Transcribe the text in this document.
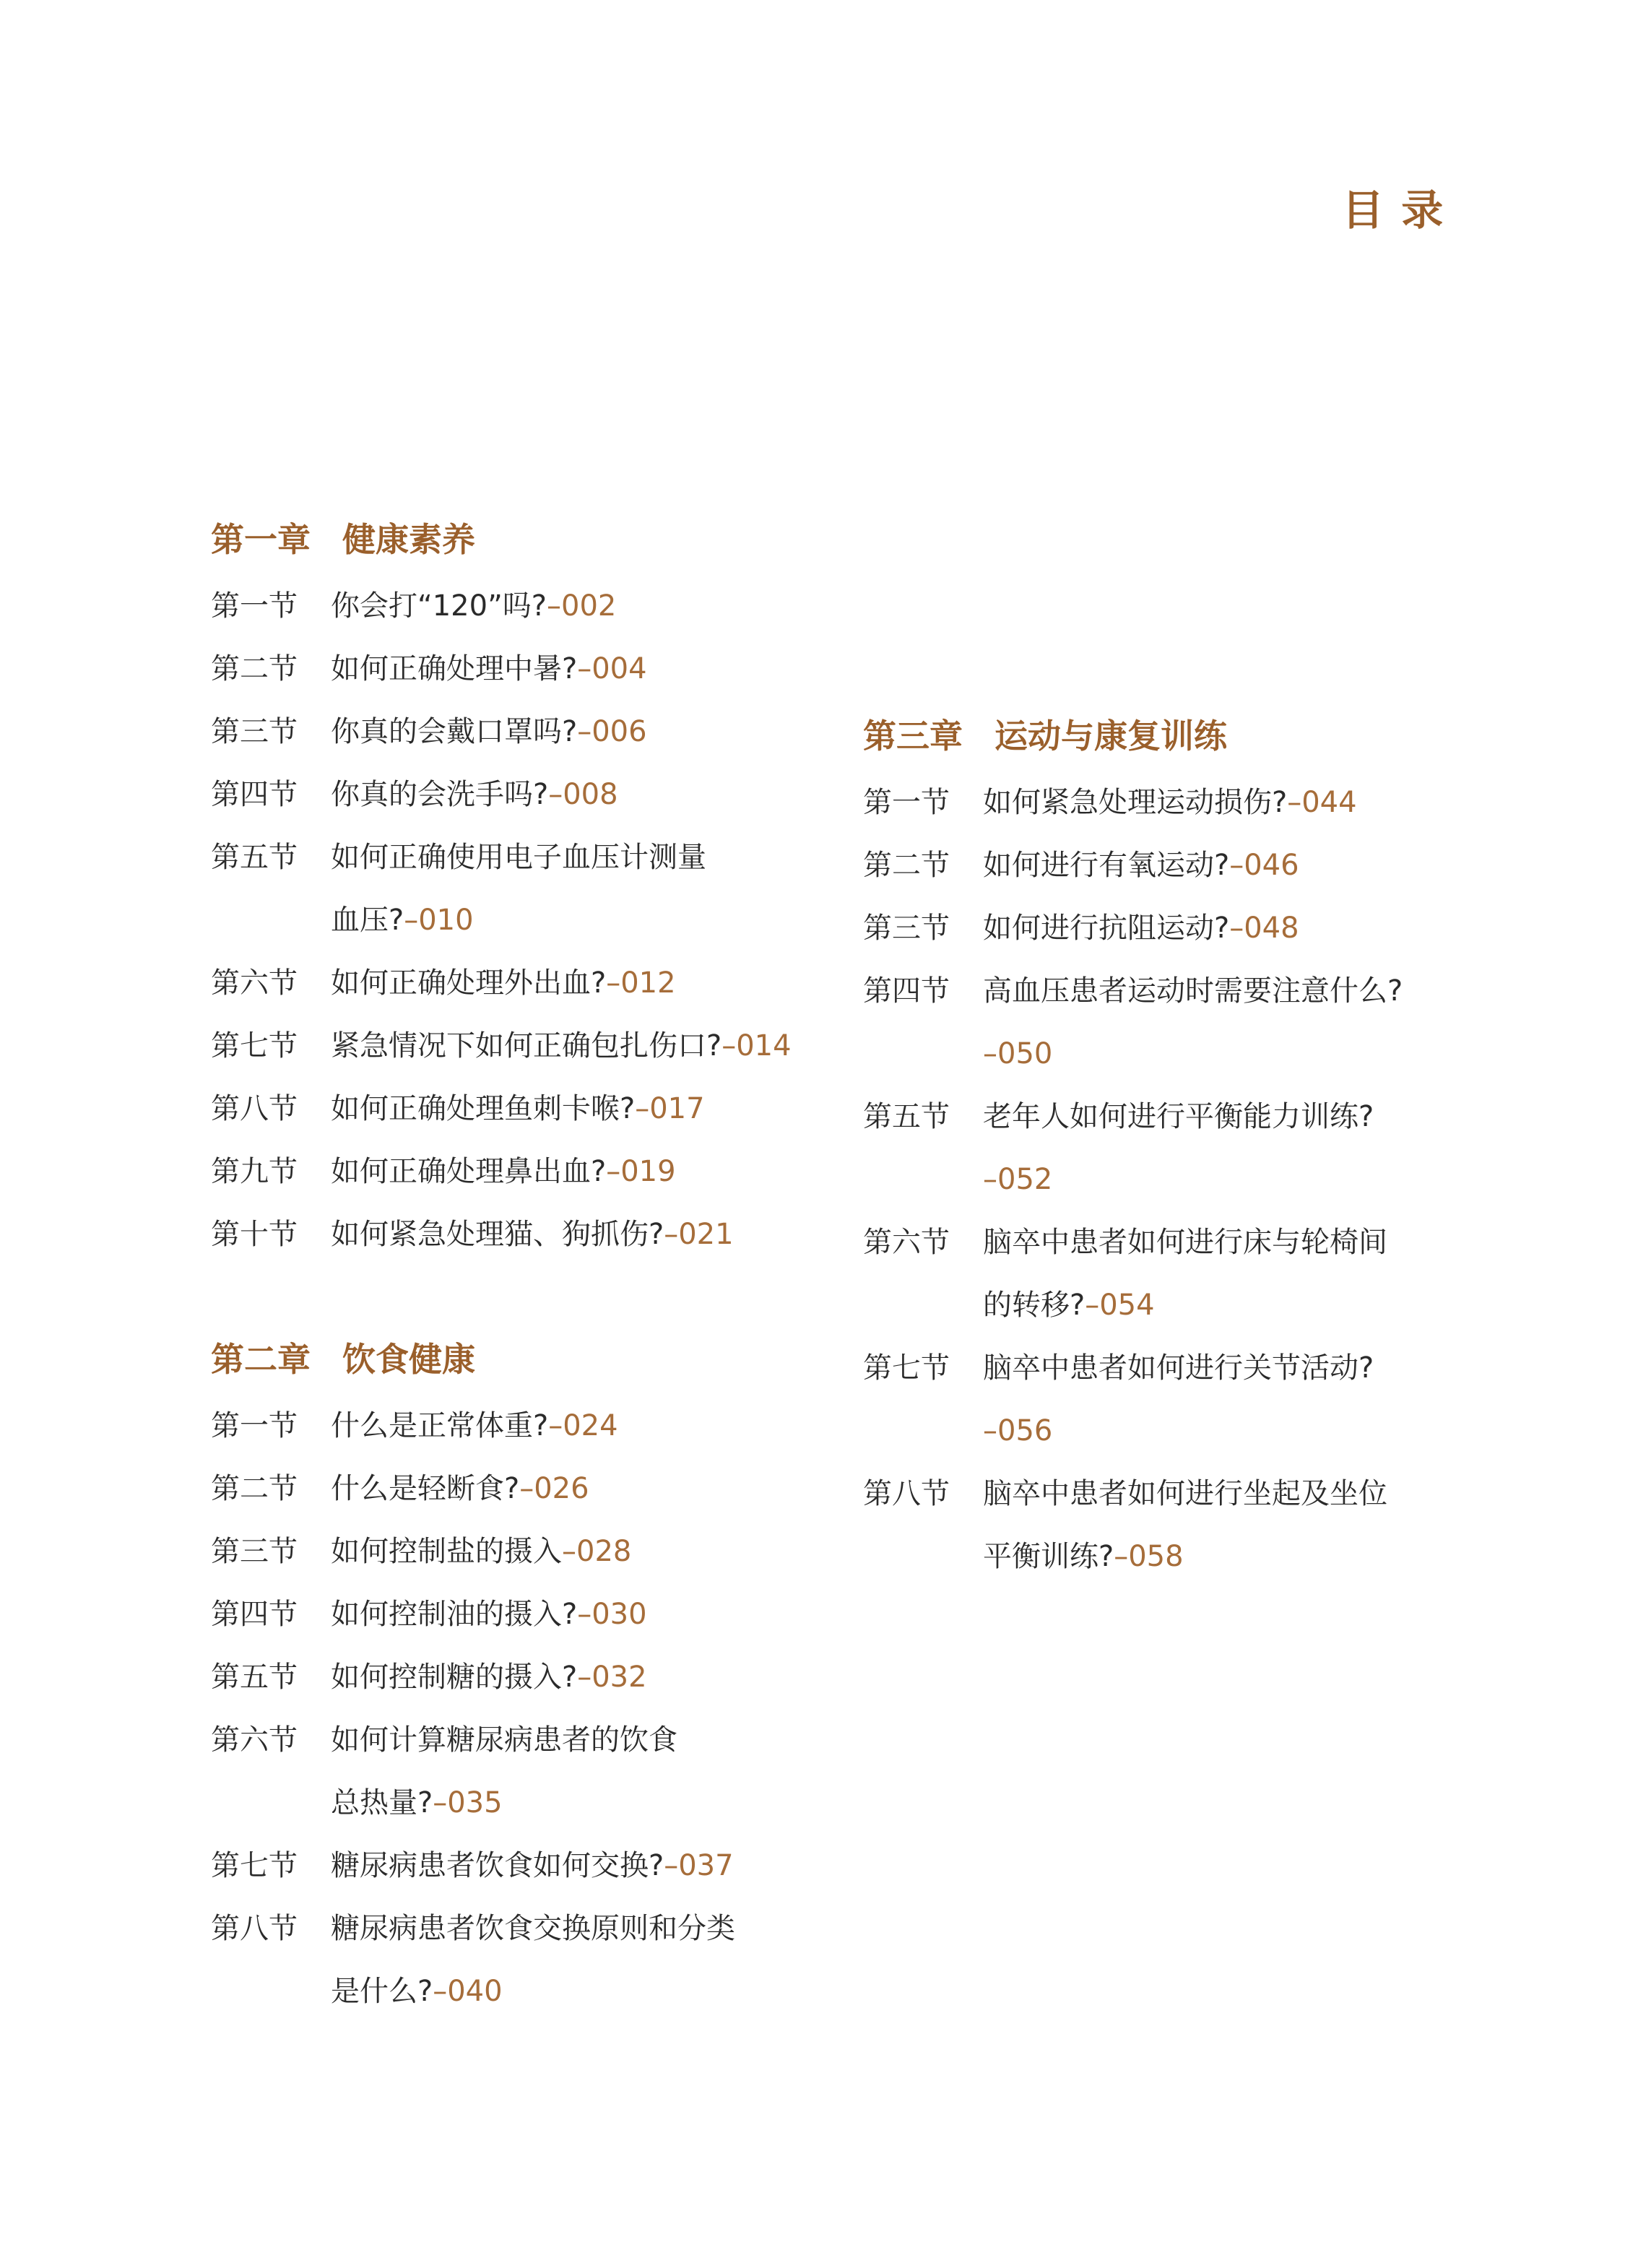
目 录
第一章 健康素养
第一节	你会打“120”吗?–002
第二节	如何正确处理中暑?–004
第三节	你真的会戴口罩吗?–006
第四节	你真的会洗手吗?–008
第五节	如何正确使用电子血压计测量
血压?–010
第六节	如何正确处理外出血?–012
第七节	紧急情况下如何正确包扎伤口?–014
第八节	如何正确处理鱼刺卡喉?–017
第九节	如何正确处理鼻出血?–019
第十节	如何紧急处理猫、狗抓伤?–021
第二章 饮食健康
第一节	什么是正常体重?–024
第二节	什么是轻断食?–026
第三节	如何控制盐的摄入–028
第四节	如何控制油的摄入?–030
第五节	如何控制糖的摄入?–032
第六节	如何计算糖尿病患者的饮食
总热量?–035
第七节	糖尿病患者饮食如何交换?–037
第八节	糖尿病患者饮食交换原则和分类
是什么?–040
第三章 运动与康复训练
第一节	如何紧急处理运动损伤?–044
第二节	如何进行有氧运动?–046
第三节	如何进行抗阻运动?–048
第四节	高血压患者运动时需要注意什么?
–050
第五节	老年人如何进行平衡能力训练?
–052
第六节	脑卒中患者如何进行床与轮椅间
的转移?–054
第七节	脑卒中患者如何进行关节活动?
–056
第八节	脑卒中患者如何进行坐起及坐位
平衡训练?–058
